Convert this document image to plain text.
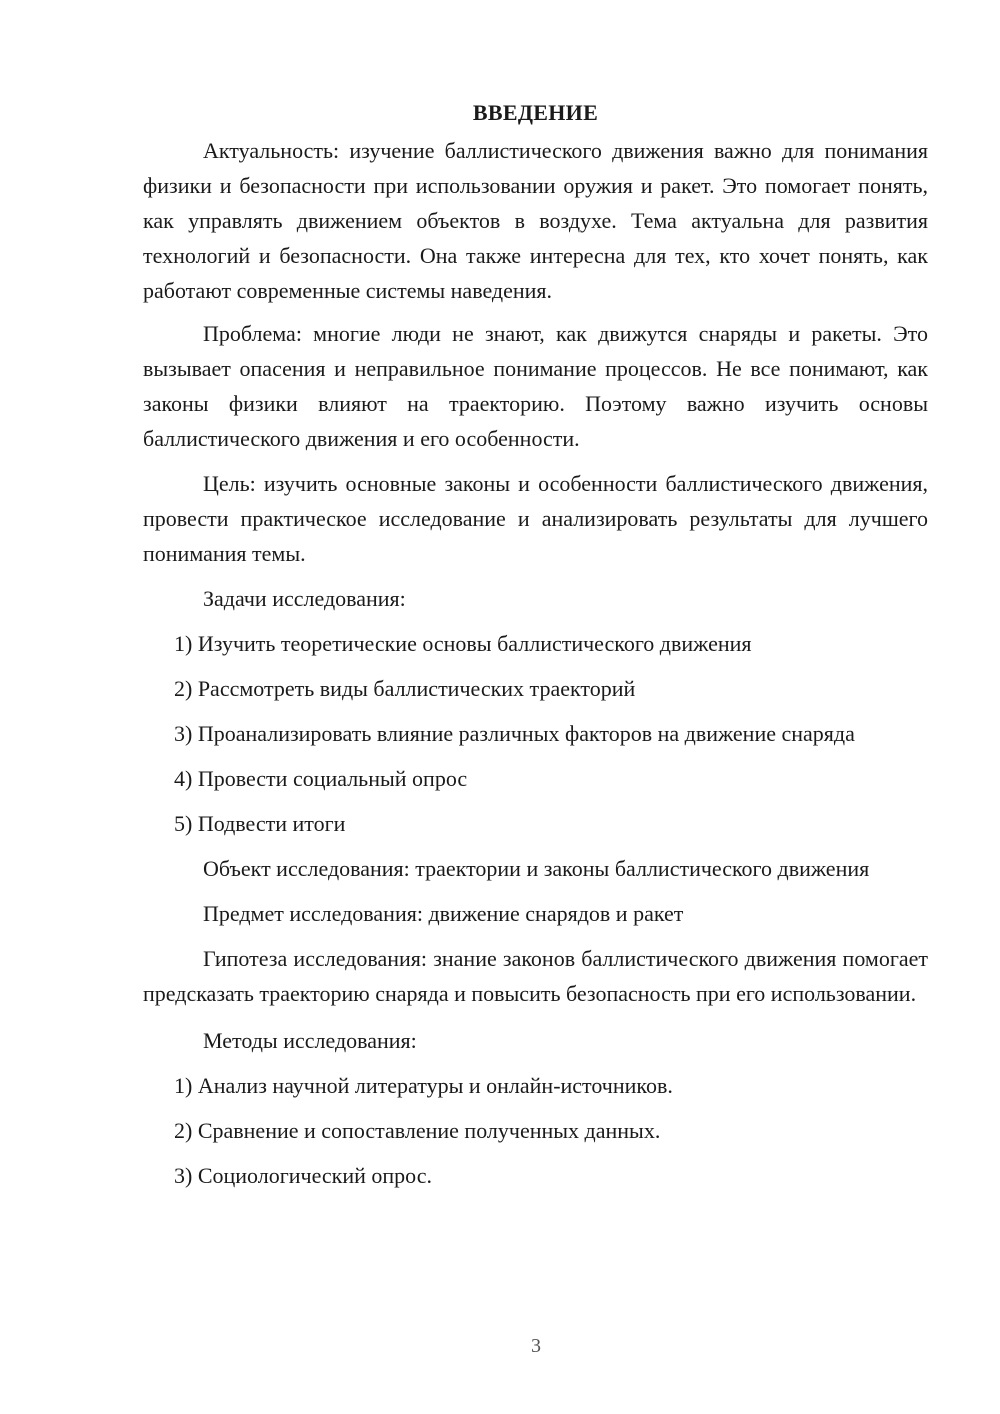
ВВЕДЕНИЕ

Актуальность: изучение баллистического движения важно для понимания физики и безопасности при использовании оружия и ракет. Это помогает понять, как управлять движением объектов в воздухе. Тема актуальна для развития технологий и безопасности. Она также интересна для тех, кто хочет понять, как работают современные системы наведения.

Проблема: многие люди не знают, как движутся снаряды и ракеты. Это вызывает опасения и неправильное понимание процессов. Не все понимают, как законы физики влияют на траекторию. Поэтому важно изучить основы баллистического движения и его особенности.

Цель: изучить основные законы и особенности баллистического движения, провести практическое исследование и анализировать результаты для лучшего понимания темы.

Задачи исследования:

1) Изучить теоретические основы баллистического движения

2) Рассмотреть виды баллистических траекторий

3) Проанализировать влияние различных факторов на движение снаряда

4) Провести социальный опрос

5) Подвести итоги

Объект исследования: траектории и законы баллистического движения

Предмет исследования: движение снарядов и ракет

Гипотеза исследования: знание законов баллистического движения помогает предсказать траекторию снаряда и повысить безопасность при его использовании.

Методы исследования:

1) Анализ научной литературы и онлайн-источников.

2) Сравнение и сопоставление полученных данных.

3) Социологический опрос.

3
